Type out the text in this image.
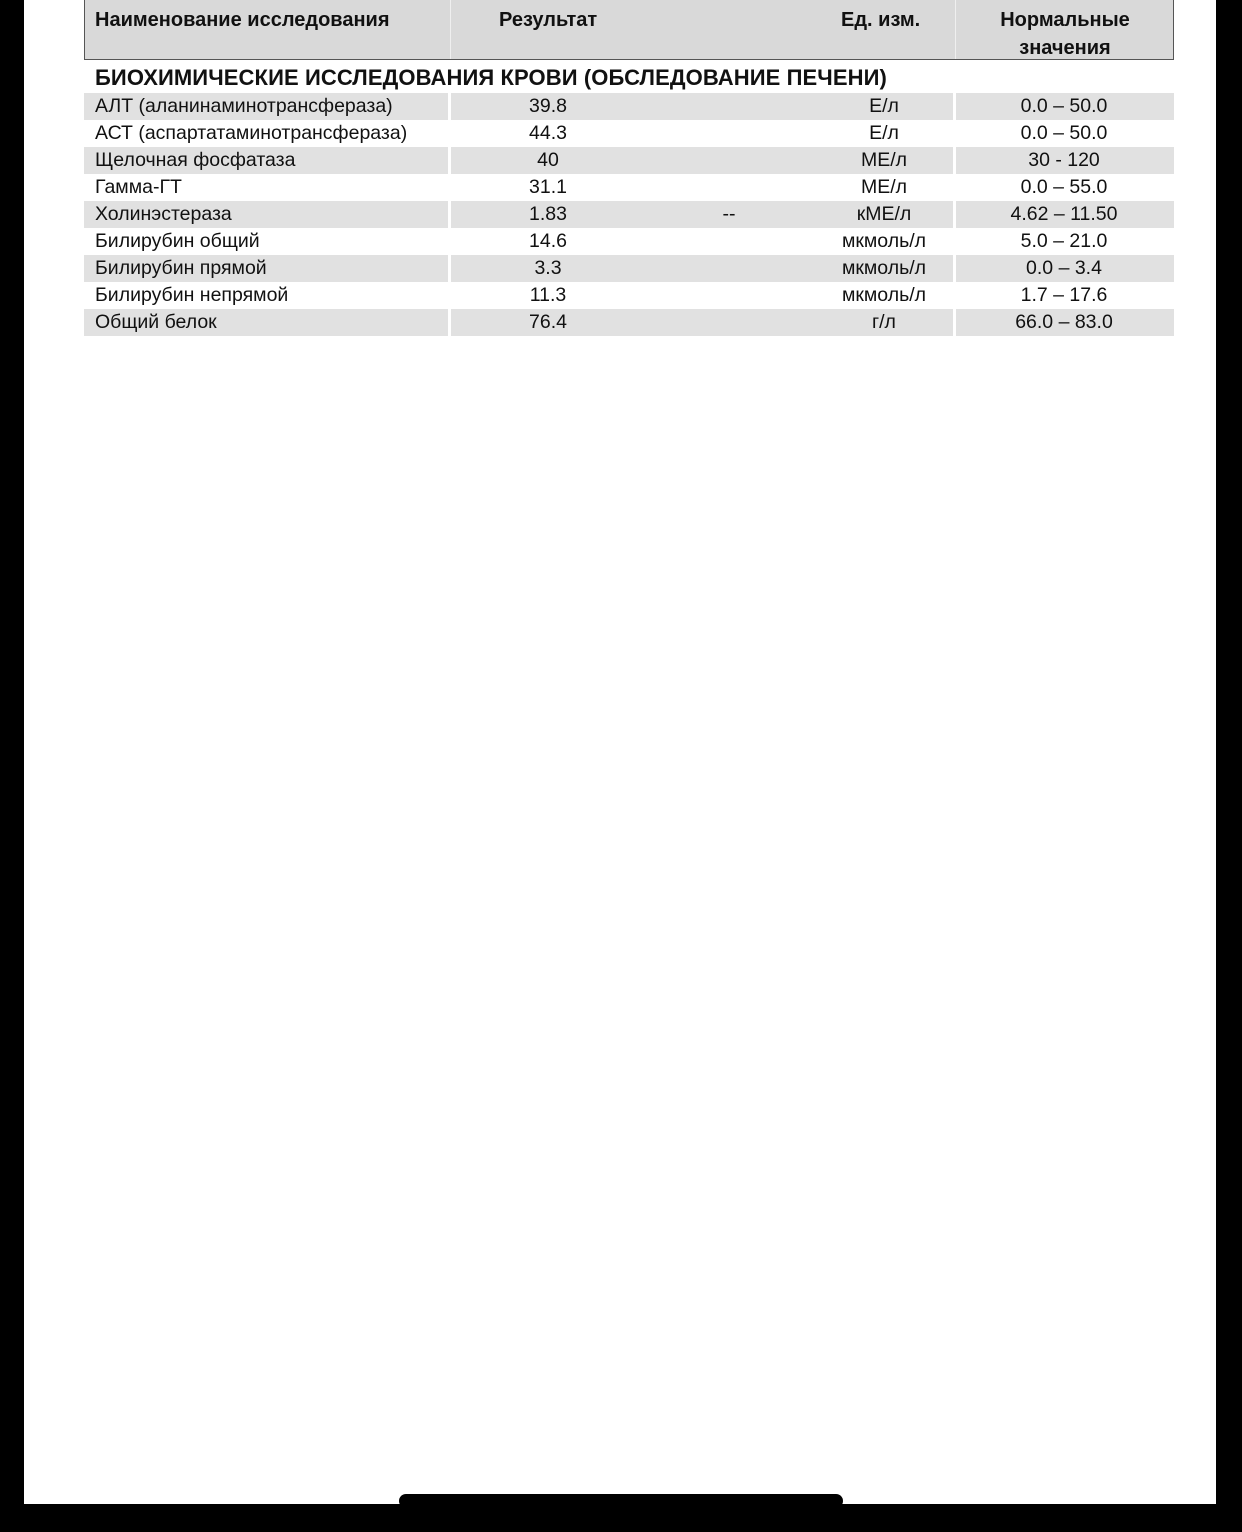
Наименование исследования	Результат	Ед. изм.	Нормальные
значения
БИОХИМИЧЕСКИЕ ИССЛЕДОВАНИЯ КРОВИ (ОБСЛЕДОВАНИЕ ПЕЧЕНИ)
АЛТ (аланинаминотрансфераза)	39.8	Е/л	0.0 – 50.0
АСТ (аспартатаминотрансфераза)	44.3	Е/л	0.0 – 50.0
Щелочная фосфатаза	40	МЕ/л	30 - 120
Гамма-ГТ	31.1	МЕ/л	0.0 – 55.0
Холинэстераза	1.83	--	кМЕ/л	4.62 – 11.50
Билирубин общий	14.6	мкмоль/л	5.0 – 21.0
Билирубин прямой	3.3	мкмоль/л	0.0 – 3.4
Билирубин непрямой	11.3	мкмоль/л	1.7 – 17.6
Общий белок	76.4	г/л	66.0 – 83.0
